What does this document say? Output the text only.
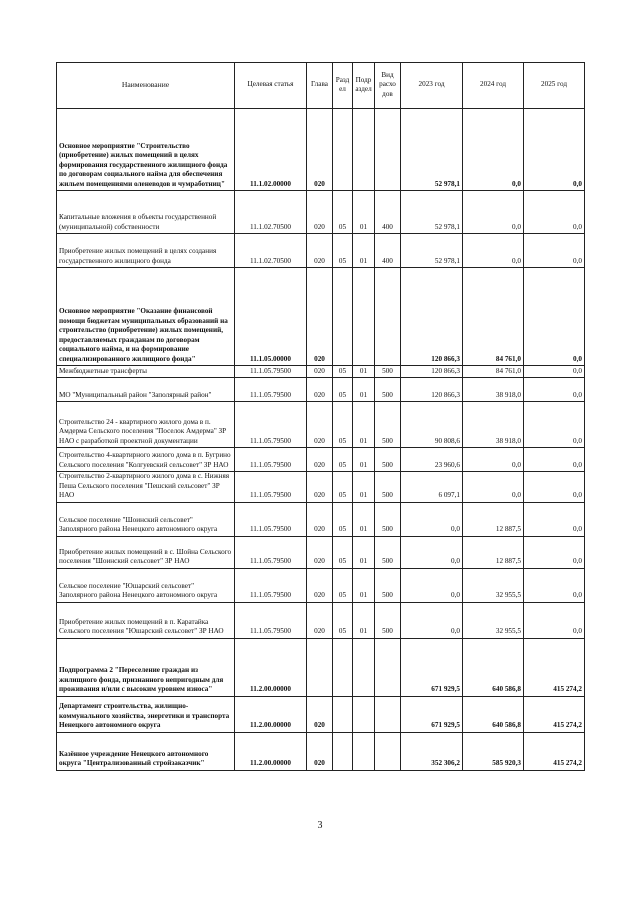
Наименование	Целевая статья	Глава	Разд ел	Подр аздел	Вид расхо дов	2023 год	2024 год	2025 год
Основное мероприятие "Строительство (приобретение) жилых помещений в целях формирования государственного жилищного фонда по договорам социального найма для обеспечения жильем помещениями оленеводов и чумработниц"	11.1.02.00000	020				52 978,1	0,0	0,0
Капитальные вложения в объекты государственной (муниципальной) собственности	11.1.02.70500	020	05	01	400	52 978,1	0,0	0,0
Приобретение жилых помещений в целях создания государственного жилищного фонда	11.1.02.70500	020	05	01	400	52 978,1	0,0	0,0
Основное мероприятие "Оказание финансовой помощи бюджетам муниципальных образований на строительство (приобретение) жилых помещений, предоставляемых гражданам по договорам социального найма, и на формирование специализированного жилищного фонда"	11.1.05.00000	020				120 866,3	84 761,0	0,0
Межбюджетные трансферты	11.1.05.79500	020	05	01	500	120 866,3	84 761,0	0,0
МО "Муниципальный район "Заполярный район"	11.1.05.79500	020	05	01	500	120 866,3	38 918,0	0,0
Строительство 24 - квартирного жилого дома в п. Амдерма Сельского поселения "Поселок Амдерма" ЗР НАО с разработкой проектной документации	11.1.05.79500	020	05	01	500	90 808,6	38 918,0	0,0
Строительство 4-квартирного жилого дома в п. Бугрино Сельского поселения "Колгуевский сельсовет" ЗР НАО	11.1.05.79500	020	05	01	500	23 960,6	0,0	0,0
Строительство 2-квартирного жилого дома в с. Нижняя Пеша Сельского поселения "Пешский сельсовет" ЗР НАО	11.1.05.79500	020	05	01	500	6 097,1	0,0	0,0
Сельское поселение "Шоинский сельсовет" Заполярного района Ненецкого автономного округа	11.1.05.79500	020	05	01	500	0,0	12 887,5	0,0
Приобретение жилых помещений в с. Шойна Сельского поселения "Шоинский сельсовет" ЗР НАО	11.1.05.79500	020	05	01	500	0,0	12 887,5	0,0
Сельское поселение "Юшарский сельсовет" Заполярного района Ненецкого автономного округа	11.1.05.79500	020	05	01	500	0,0	32 955,5	0,0
Приобретение жилых помещений в п. Каратайка Сельского поселения "Юшарский сельсовет" ЗР НАО	11.1.05.79500	020	05	01	500	0,0	32 955,5	0,0
Подпрограмма 2 "Переселение граждан из жилищного фонда, признанного непригодным для проживания и/или с высоким уровнем износа"	11.2.00.00000					671 929,5	640 586,8	415 274,2
Департамент строительства, жилищно-коммунального хозяйства, энергетики и транспорта Ненецкого автономного округа	11.2.00.00000	020				671 929,5	640 586,8	415 274,2
Казённое учреждение Ненецкого автономного округа "Централизованный стройзаказчик"	11.2.00.00000	020				352 306,2	585 920,3	415 274,2
3
